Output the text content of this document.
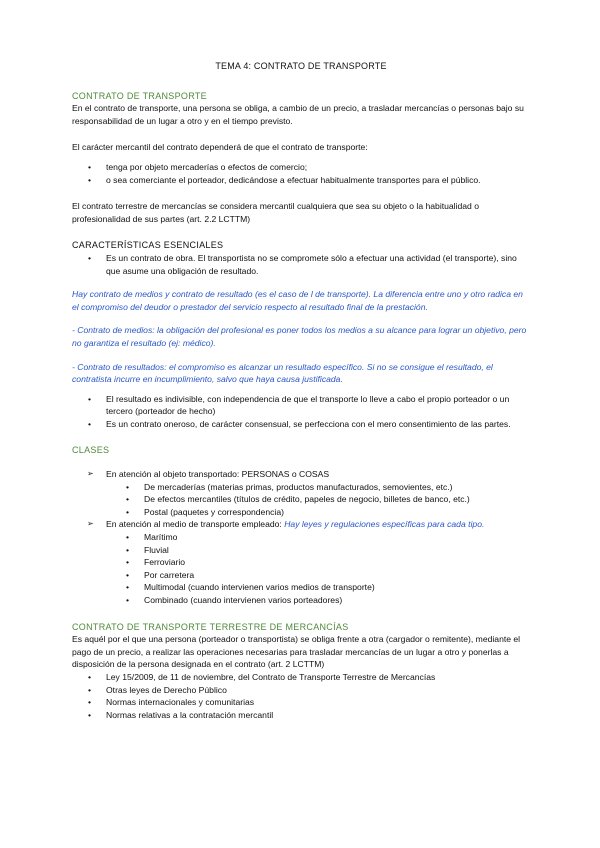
TEMA 4: CONTRATO DE TRANSPORTE
CONTRATO DE TRANSPORTE

En el contrato de transporte, una persona se obliga, a cambio de un precio, a trasladar mercancías o personas bajo su responsabilidad de un lugar a otro y en el tiempo previsto.

El carácter mercantil del contrato dependerá de que el contrato de transporte:

• tenga por objeto mercaderías o efectos de comercio;
• o sea comerciante el porteador, dedicándose a efectuar habitualmente transportes para el público.

El contrato terrestre de mercancías se considera mercantil cualquiera que sea su objeto o la habitualidad o profesionalidad de sus partes (art. 2.2 LCTTM)

CARACTERÍSTICAS ESENCIALES
• Es un contrato de obra. El transportista no se compromete sólo a efectuar una actividad (el transporte), sino que asume una obligación de resultado.

Hay contrato de medios y contrato de resultado (es el caso de l de transporte). La diferencia entre uno y otro radica en el compromiso del deudor o prestador del servicio respecto al resultado final de la prestación.

- Contrato de medios: la obligación del profesional es poner todos los medios a su alcance para lograr un objetivo, pero no garantiza el resultado (ej: médico).

- Contrato de resultados: el compromiso es alcanzar un resultado específico. Si no se consigue el resultado, el contratista incurre en incumplimiento, salvo que haya causa justificada.

• El resultado es indivisible, con independencia de que el transporte lo lleve a cabo el propio porteador o un tercero (porteador de hecho)
• Es un contrato oneroso, de carácter consensual, se perfecciona con el mero consentimiento de las partes.
CLASES
➢ En atención al objeto transportado: PERSONAS o COSAS
• De mercaderías (materias primas, productos manufacturados, semovientes, etc.)
• De efectos mercantiles (títulos de crédito, papeles de negocio, billetes de banco, etc.)
• Postal (paquetes y correspondencia)
➢ En atención al medio de transporte empleado: Hay leyes y regulaciones específicas para cada tipo.
• Marítimo
• Fluvial
• Ferroviario
• Por carretera
• Multimodal (cuando intervienen varios medios de transporte)
• Combinado (cuando intervienen varios porteadores)
CONTRATO DE TRANSPORTE TERRESTRE DE MERCANCÍAS

Es aquél por el que una persona (porteador o transportista) se obliga frente a otra (cargador o remitente), mediante el pago de un precio, a realizar las operaciones necesarias para trasladar mercancías de un lugar a otro y ponerlas a disposición de la persona designada en el contrato (art. 2 LCTTM)

• Ley 15/2009, de 11 de noviembre, del Contrato de Transporte Terrestre de Mercancías
• Otras leyes de Derecho Público
• Normas internacionales y comunitarias
• Normas relativas a la contratación mercantil
